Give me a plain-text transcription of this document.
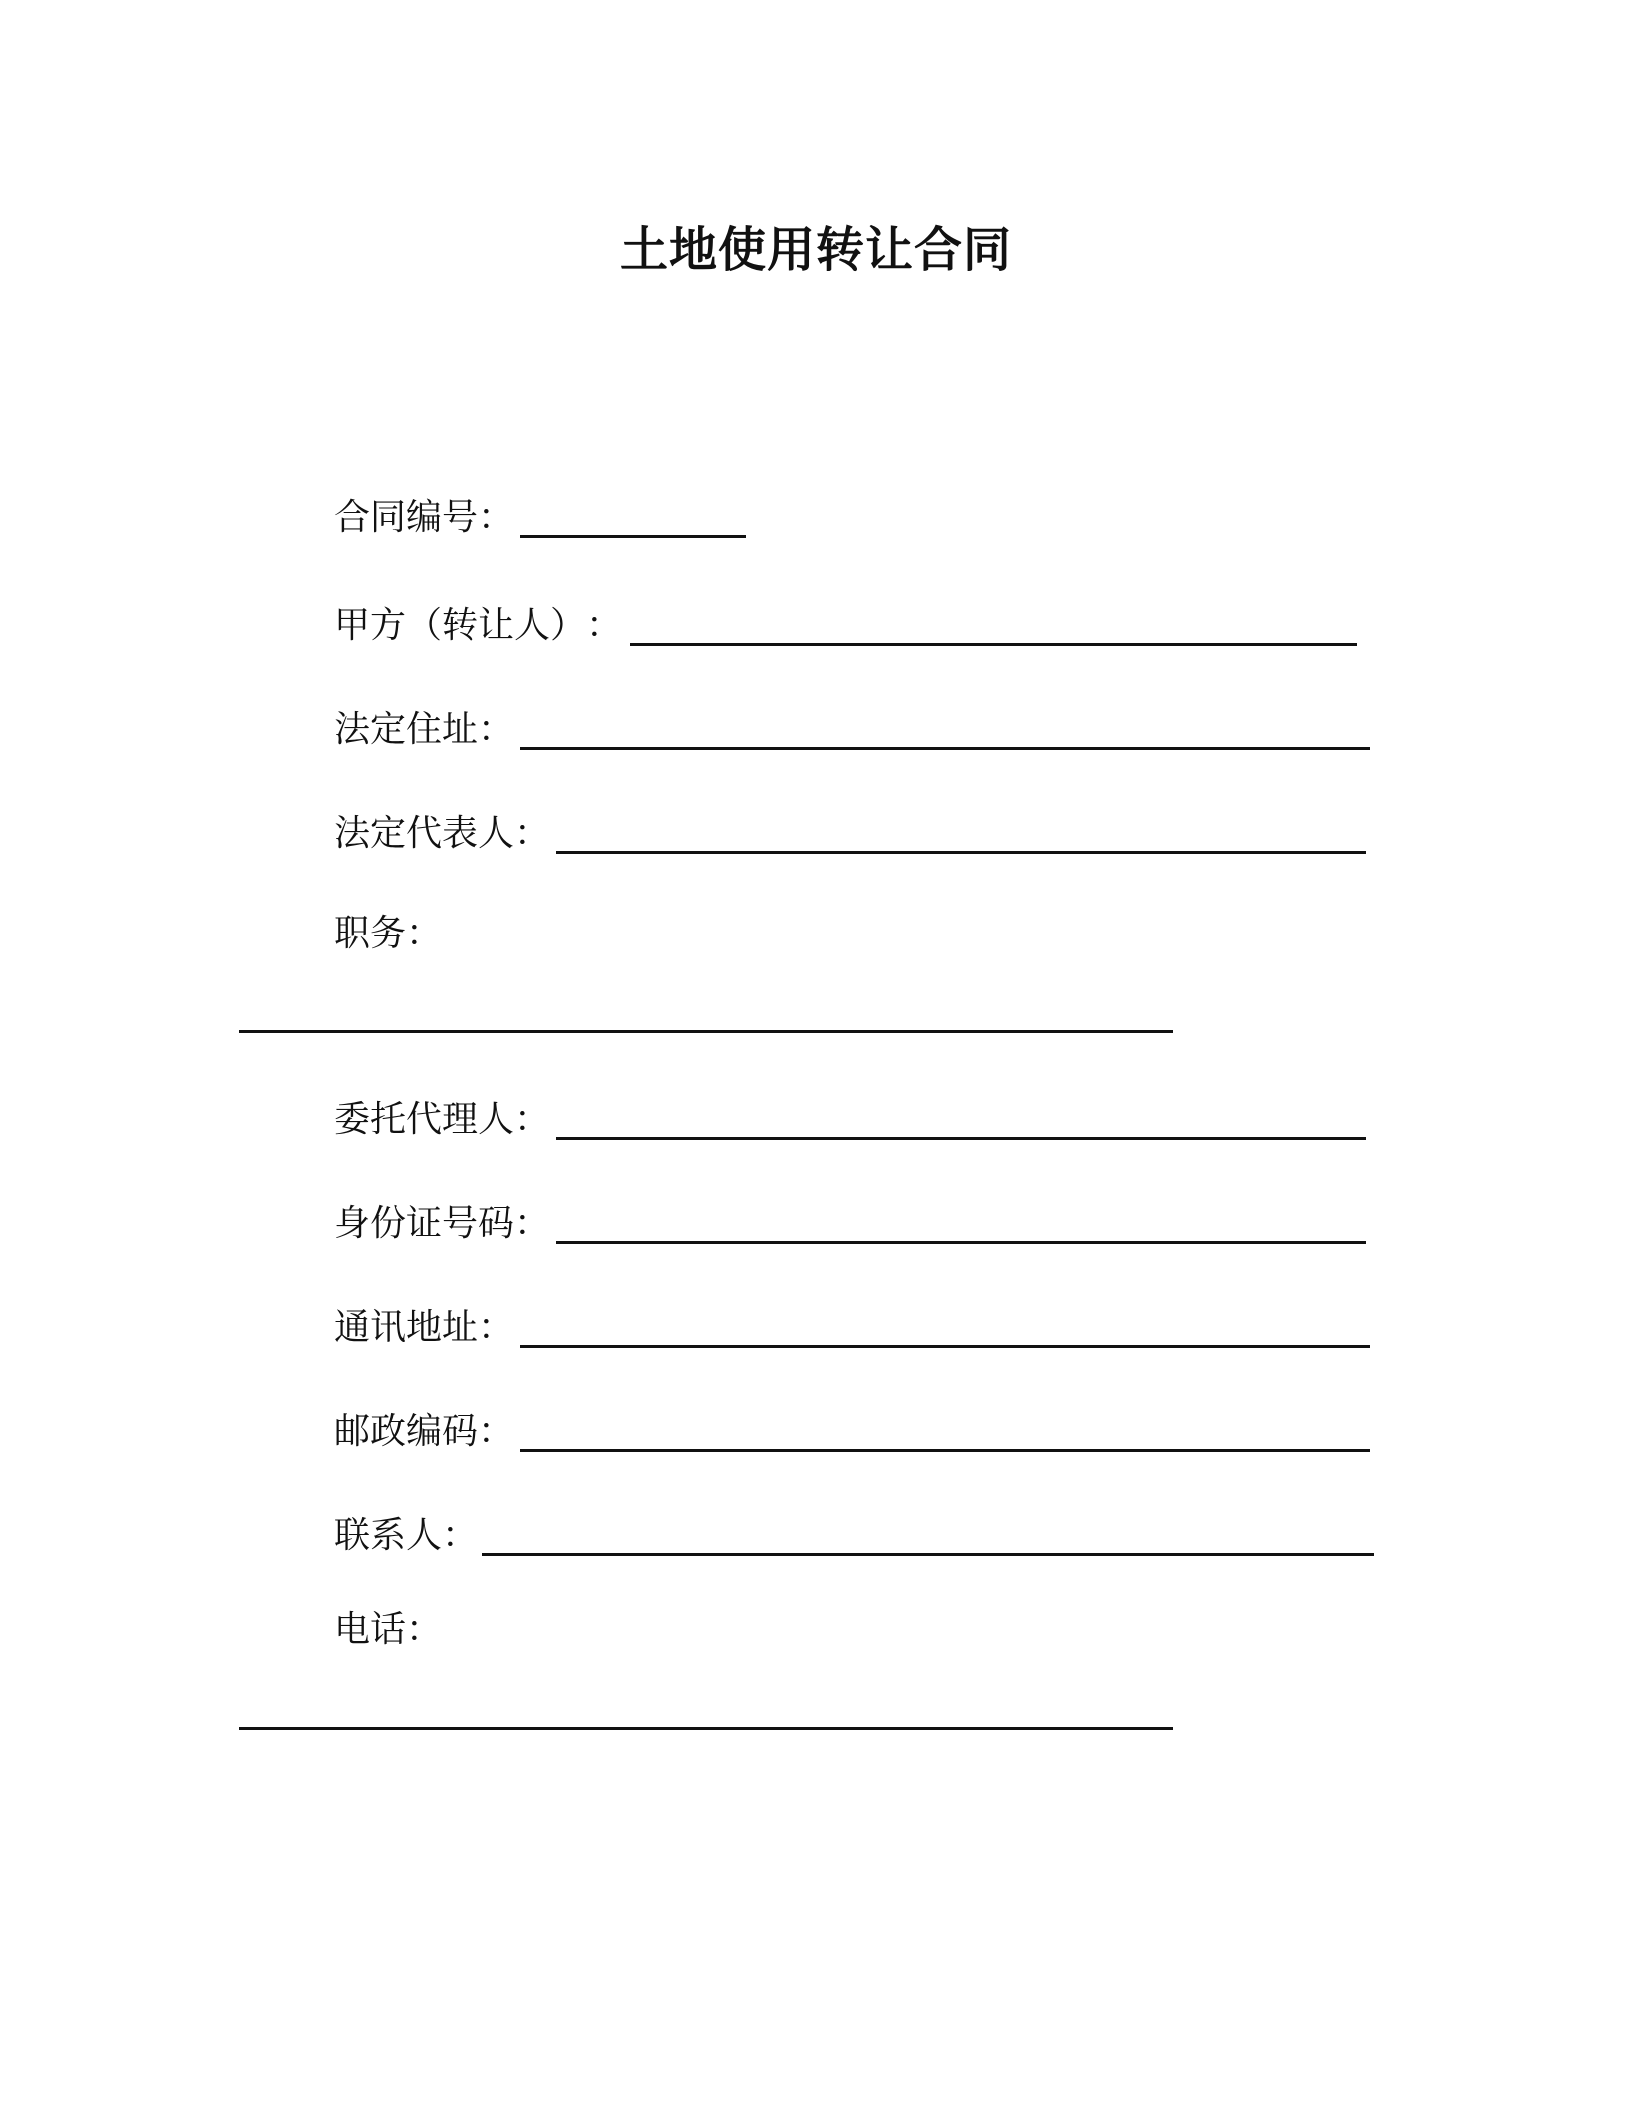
土地使用转让合同
合同编号：
甲方（转让人）：
法定住址：
法定代表人：
职务：
委托代理人：
身份证号码：
通讯地址：
邮政编码：
联系人：
电话：
